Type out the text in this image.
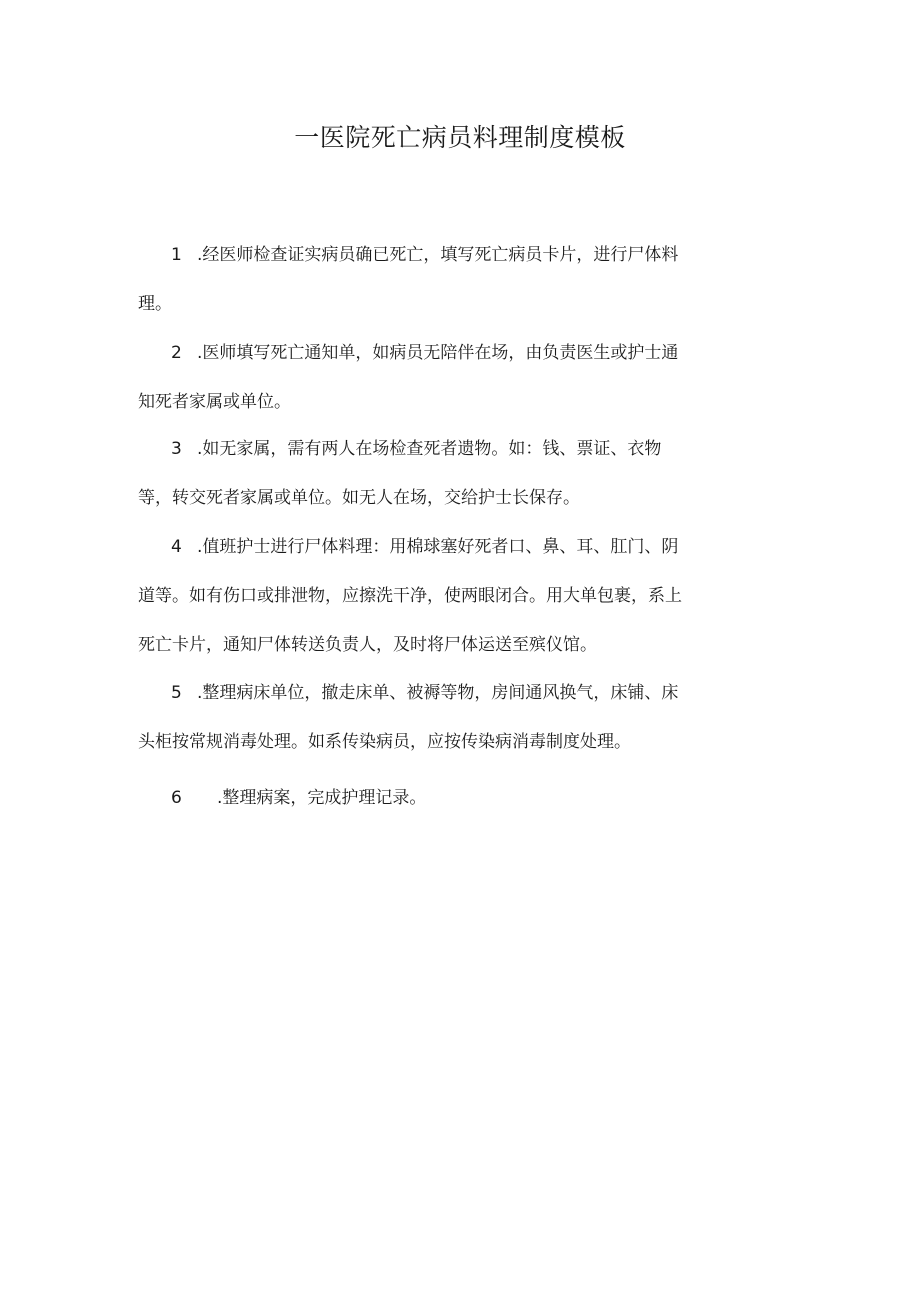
一医院死亡病员料理制度模板
1 .经医师检查证实病员确已死亡，填写死亡病员卡片，进行尸体料
理。
2 .医师填写死亡通知单，如病员无陪伴在场，由负责医生或护士通
知死者家属或单位。
3 .如无家属，需有两人在场检查死者遗物。如：钱、票证、衣物
等，转交死者家属或单位。如无人在场，交给护士长保存。
4 .值班护士进行尸体料理：用棉球塞好死者口、鼻、耳、肛门、阴
道等。如有伤口或排泄物，应擦洗干净，使两眼闭合。用大单包裹，系上
死亡卡片，通知尸体转送负责人，及时将尸体运送至殡仪馆。
5 .整理病床单位，撤走床单、被褥等物，房间通风换气，床铺、床
头柜按常规消毒处理。如系传染病员，应按传染病消毒制度处理。
6 .整理病案，完成护理记录。
